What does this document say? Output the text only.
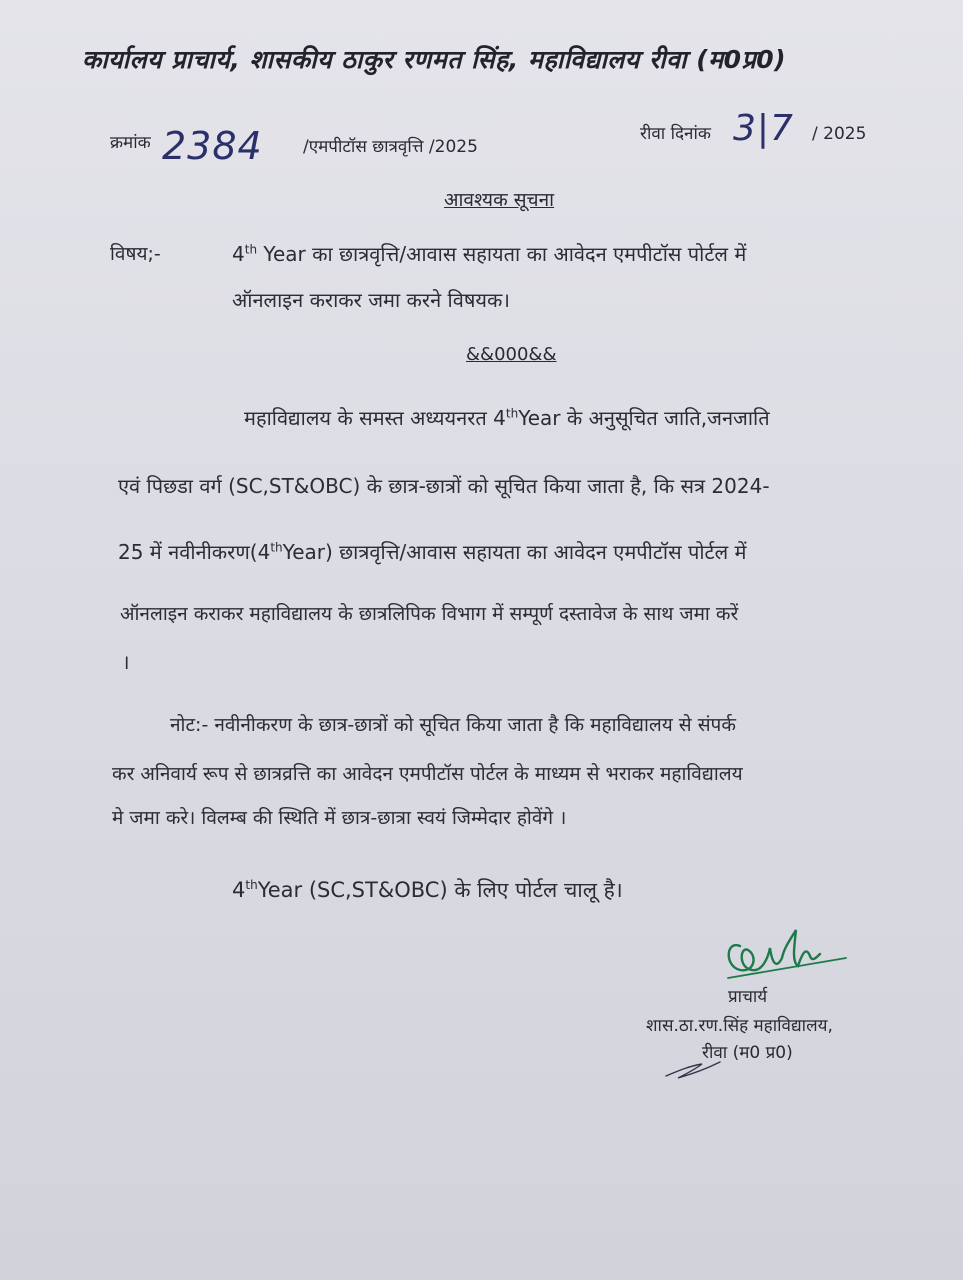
कार्यालय प्राचार्य, शासकीय ठाकुर रणमत सिंह, महाविद्यालय रीवा (म0प्र0)
क्रमांक 2384 /एमपीटॉस छात्रवृत्ति /2025
रीवा दिनांक 3|7 / 2025
आवश्यक सूचना
विषय;-	4th Year का छात्रवृत्ति/आवास सहायता का आवेदन एमपीटॉस पोर्टल में
ऑनलाइन कराकर जमा करने विषयक।
&&000&&
महाविद्यालय के समस्त अध्ययनरत 4thYear के अनुसूचित जाति,जनजाति
एवं पिछडा वर्ग (SC,ST&OBC) के छात्र-छात्रों को सूचित किया जाता है, कि सत्र 2024-
25 में नवीनीकरण(4thYear) छात्रवृत्ति/आवास सहायता का आवेदन एमपीटॉस पोर्टल में
ऑनलाइन कराकर महाविद्यालय के छात्रलिपिक विभाग में सम्पूर्ण दस्तावेज के साथ जमा करें
।
नोट:- नवीनीकरण के छात्र-छात्रों को सूचित किया जाता है कि महाविद्यालय से संपर्क
कर अनिवार्य रूप से छात्रव्रत्ति का आवेदन एमपीटॉस पोर्टल के माध्यम से भराकर महाविद्यालय
मे जमा करे। विलम्ब की स्थिति में छात्र-छात्रा स्वयं जिम्मेदार होवेंगे ।
4thYear (SC,ST&OBC) के लिए पोर्टल चालू है।
प्राचार्य
शास.ठा.रण.सिंह महाविद्यालय,
रीवा (म0 प्र0)
